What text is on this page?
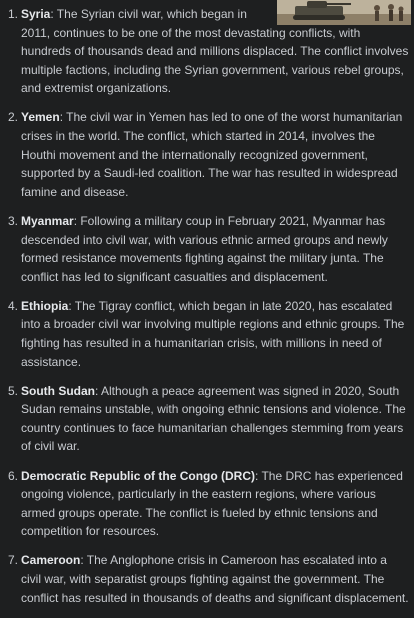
1. Syria: The Syrian civil war, which began in 2011, continues to be one of the most devastating conflicts, with hundreds of thousands dead and millions displaced. The conflict involves multiple factions, including the Syrian government, various rebel groups, and extremist organizations.
2. Yemen: The civil war in Yemen has led to one of the worst humanitarian crises in the world. The conflict, which started in 2014, involves the Houthi movement and the internationally recognized government, supported by a Saudi-led coalition. The war has resulted in widespread famine and disease.
3. Myanmar: Following a military coup in February 2021, Myanmar has descended into civil war, with various ethnic armed groups and newly formed resistance movements fighting against the military junta. The conflict has led to significant casualties and displacement.
4. Ethiopia: The Tigray conflict, which began in late 2020, has escalated into a broader civil war involving multiple regions and ethnic groups. The fighting has resulted in a humanitarian crisis, with millions in need of assistance.
5. South Sudan: Although a peace agreement was signed in 2020, South Sudan remains unstable, with ongoing ethnic tensions and violence. The country continues to face humanitarian challenges stemming from years of civil war.
6. Democratic Republic of the Congo (DRC): The DRC has experienced ongoing violence, particularly in the eastern regions, where various armed groups operate. The conflict is fueled by ethnic tensions and competition for resources.
7. Cameroon: The Anglophone crisis in Cameroon has escalated into a civil war, with separatist groups fighting against the government. The conflict has resulted in thousands of deaths and significant displacement.
